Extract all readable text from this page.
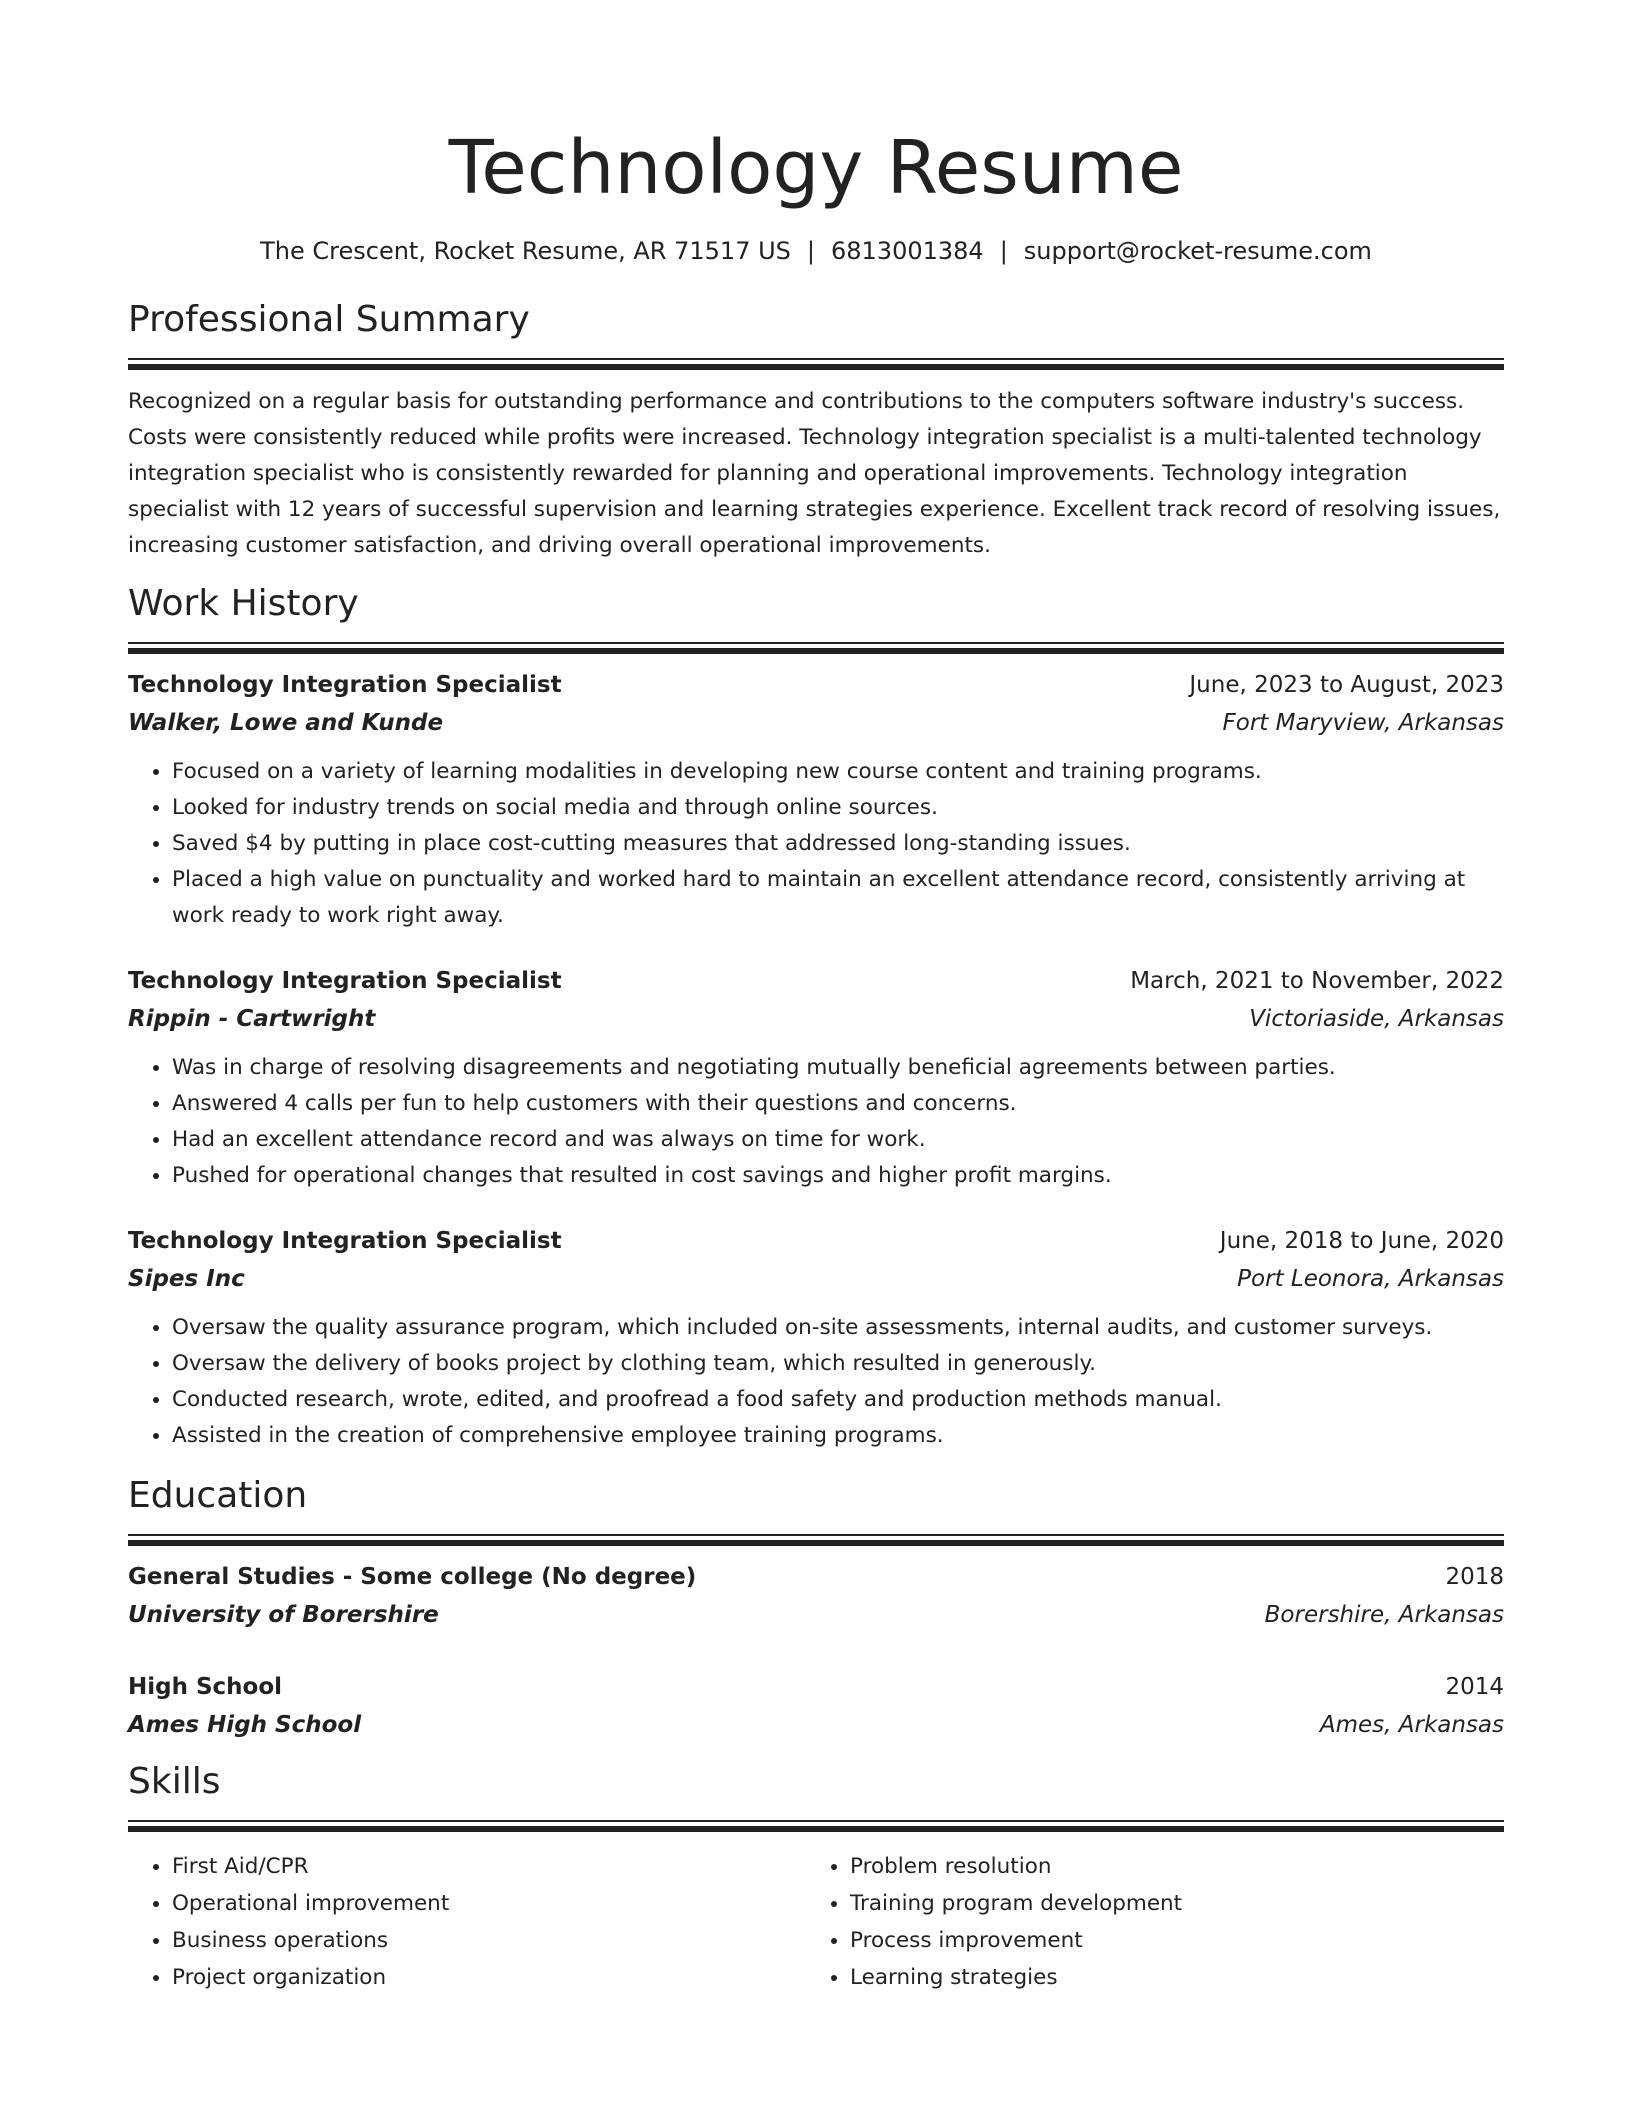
Technology Resume
The Crescent, Rocket Resume, AR 71517 US | 6813001384 | support@rocket-resume.com
Professional Summary
Recognized on a regular basis for outstanding performance and contributions to the computers software industry's success. Costs were consistently reduced while profits were increased. Technology integration specialist is a multi-talented technology integration specialist who is consistently rewarded for planning and operational improvements. Technology integration specialist with 12 years of successful supervision and learning strategies experience. Excellent track record of resolving issues, increasing customer satisfaction, and driving overall operational improvements.
Work History
Technology Integration Specialist	June, 2023 to August, 2023
Walker, Lowe and Kunde	Fort Maryview, Arkansas
• Focused on a variety of learning modalities in developing new course content and training programs.
• Looked for industry trends on social media and through online sources.
• Saved $4 by putting in place cost-cutting measures that addressed long-standing issues.
• Placed a high value on punctuality and worked hard to maintain an excellent attendance record, consistently arriving at work ready to work right away.
Technology Integration Specialist	March, 2021 to November, 2022
Rippin - Cartwright	Victoriaside, Arkansas
• Was in charge of resolving disagreements and negotiating mutually beneficial agreements between parties.
• Answered 4 calls per fun to help customers with their questions and concerns.
• Had an excellent attendance record and was always on time for work.
• Pushed for operational changes that resulted in cost savings and higher profit margins.
Technology Integration Specialist	June, 2018 to June, 2020
Sipes Inc	Port Leonora, Arkansas
• Oversaw the quality assurance program, which included on-site assessments, internal audits, and customer surveys.
• Oversaw the delivery of books project by clothing team, which resulted in generously.
• Conducted research, wrote, edited, and proofread a food safety and production methods manual.
• Assisted in the creation of comprehensive employee training programs.
Education
General Studies - Some college (No degree)	2018
University of Borershire	Borershire, Arkansas
High School	2014
Ames High School	Ames, Arkansas
Skills
• First Aid/CPR
• Operational improvement
• Business operations
• Project organization
• Problem resolution
• Training program development
• Process improvement
• Learning strategies
